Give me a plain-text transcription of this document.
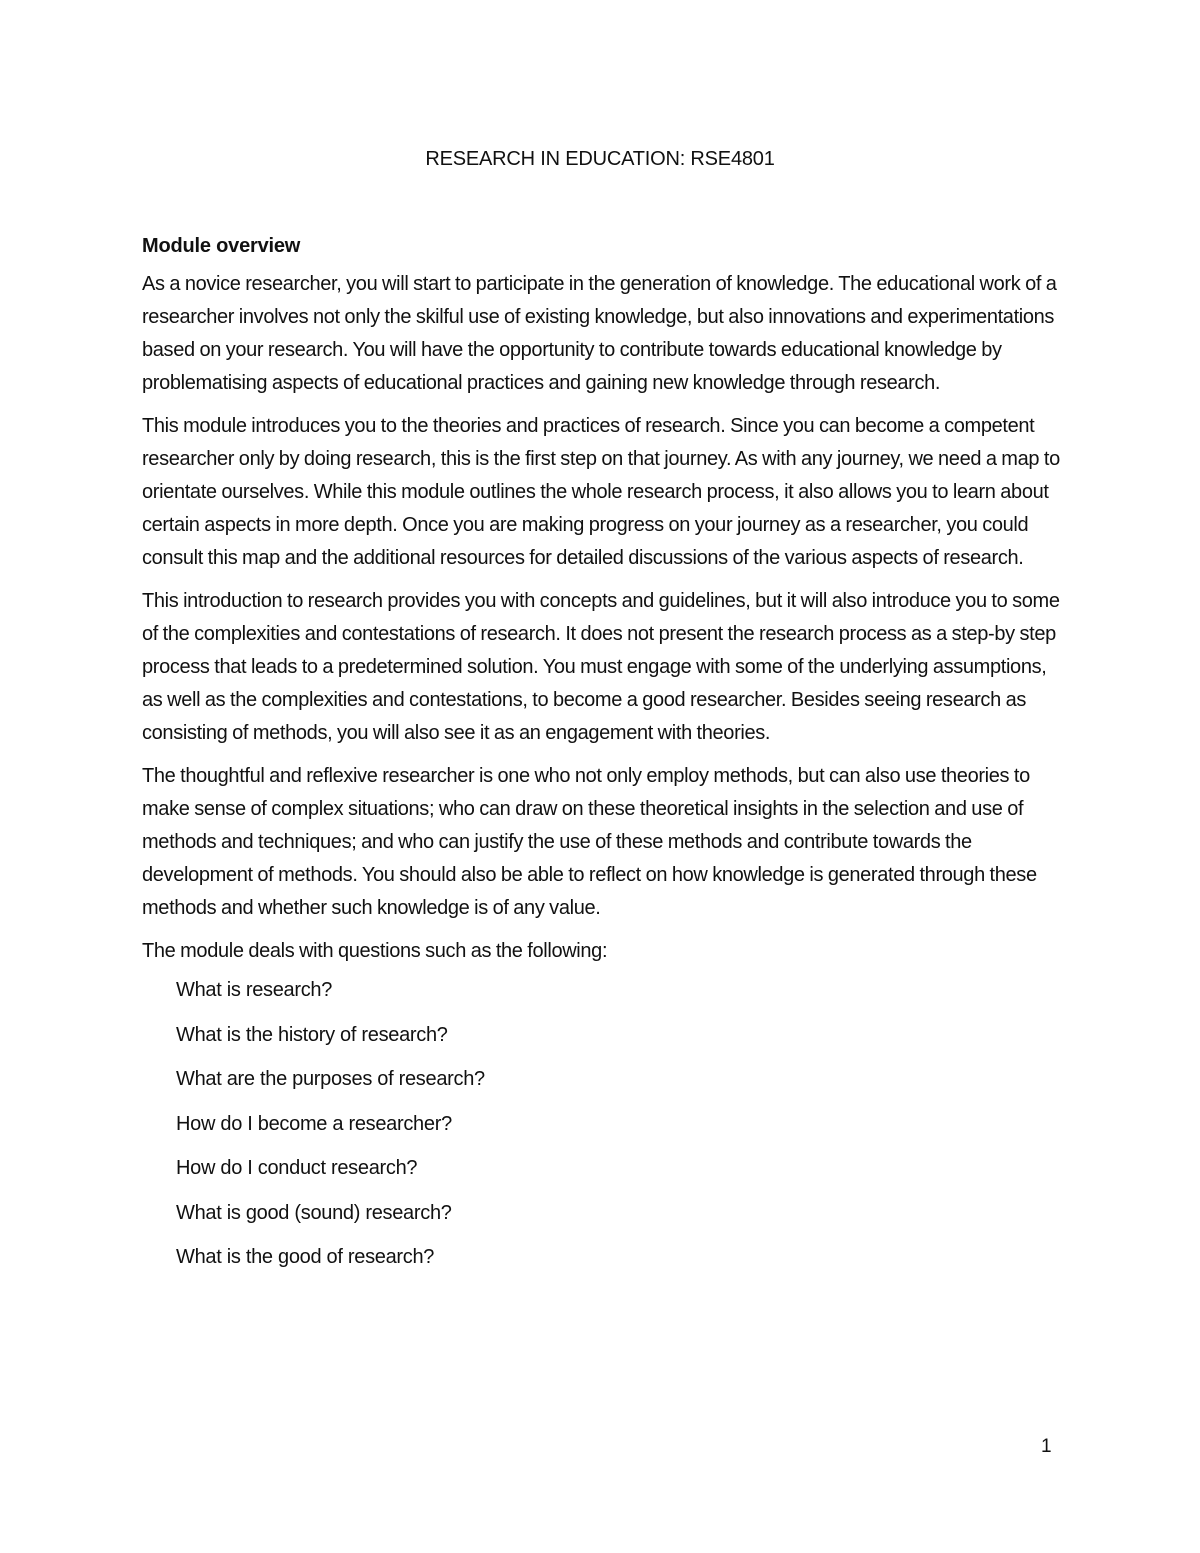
RESEARCH IN EDUCATION: RSE4801
Module overview

As a novice researcher, you will start to participate in the generation of knowledge. The educational work of a researcher involves not only the skilful use of existing knowledge, but also innovations and experimentations based on your research. You will have the opportunity to contribute towards educational knowledge by problematising aspects of educational practices and gaining new knowledge through research.

This module introduces you to the theories and practices of research. Since you can become a competent researcher only by doing research, this is the first step on that journey. As with any journey, we need a map to orientate ourselves. While this module outlines the whole research process, it also allows you to learn about certain aspects in more depth. Once you are making progress on your journey as a researcher, you could consult this map and the additional resources for detailed discussions of the various aspects of research.

This introduction to research provides you with concepts and guidelines, but it will also introduce you to some of the complexities and contestations of research. It does not present the research process as a step-by step process that leads to a predetermined solution. You must engage with some of the underlying assumptions, as well as the complexities and contestations, to become a good researcher. Besides seeing research as consisting of methods, you will also see it as an engagement with theories.

The thoughtful and reflexive researcher is one who not only employ methods, but can also use theories to make sense of complex situations; who can draw on these theoretical insights in the selection and use of methods and techniques; and who can justify the use of these methods and contribute towards the development of methods. You should also be able to reflect on how knowledge is generated through these methods and whether such knowledge is of any value.

The module deals with questions such as the following:

What is research?
What is the history of research?
What are the purposes of research?
How do I become a researcher?
How do I conduct research?
What is good (sound) research?
What is the good of research?
1
